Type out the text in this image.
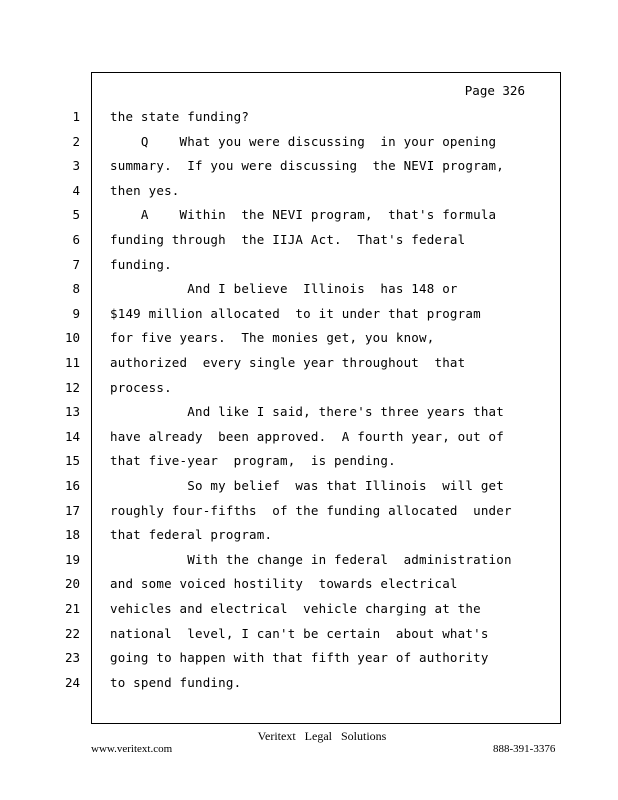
Page 326
1 the state funding?
2 Q    What you were discussing  in your opening
3 summary.  If you were discussing  the NEVI program,
4 then yes.
5 A    Within  the NEVI program,  that's formula
6 funding through  the IIJA Act.  That's federal
7 funding.
8 And I believe  Illinois  has 148 or
9 $149 million allocated  to it under that program
10 for five years.  The monies get, you know,
11 authorized  every single year throughout  that
12 process.
13 And like I said, there's three years that
14 have already  been approved.  A fourth year, out of
15 that five-year  program,  is pending.
16 So my belief  was that Illinois  will get
17 roughly four-fifths  of the funding allocated  under
18 that federal program.
19 With the change in federal  administration
20 and some voiced hostility  towards electrical
21 vehicles and electrical  vehicle charging at the
22 national  level, I can't be certain  about what's
23 going to happen with that fifth year of authority
24 to spend funding.
Veritext Legal Solutions
www.veritext.com	888-391-3376
